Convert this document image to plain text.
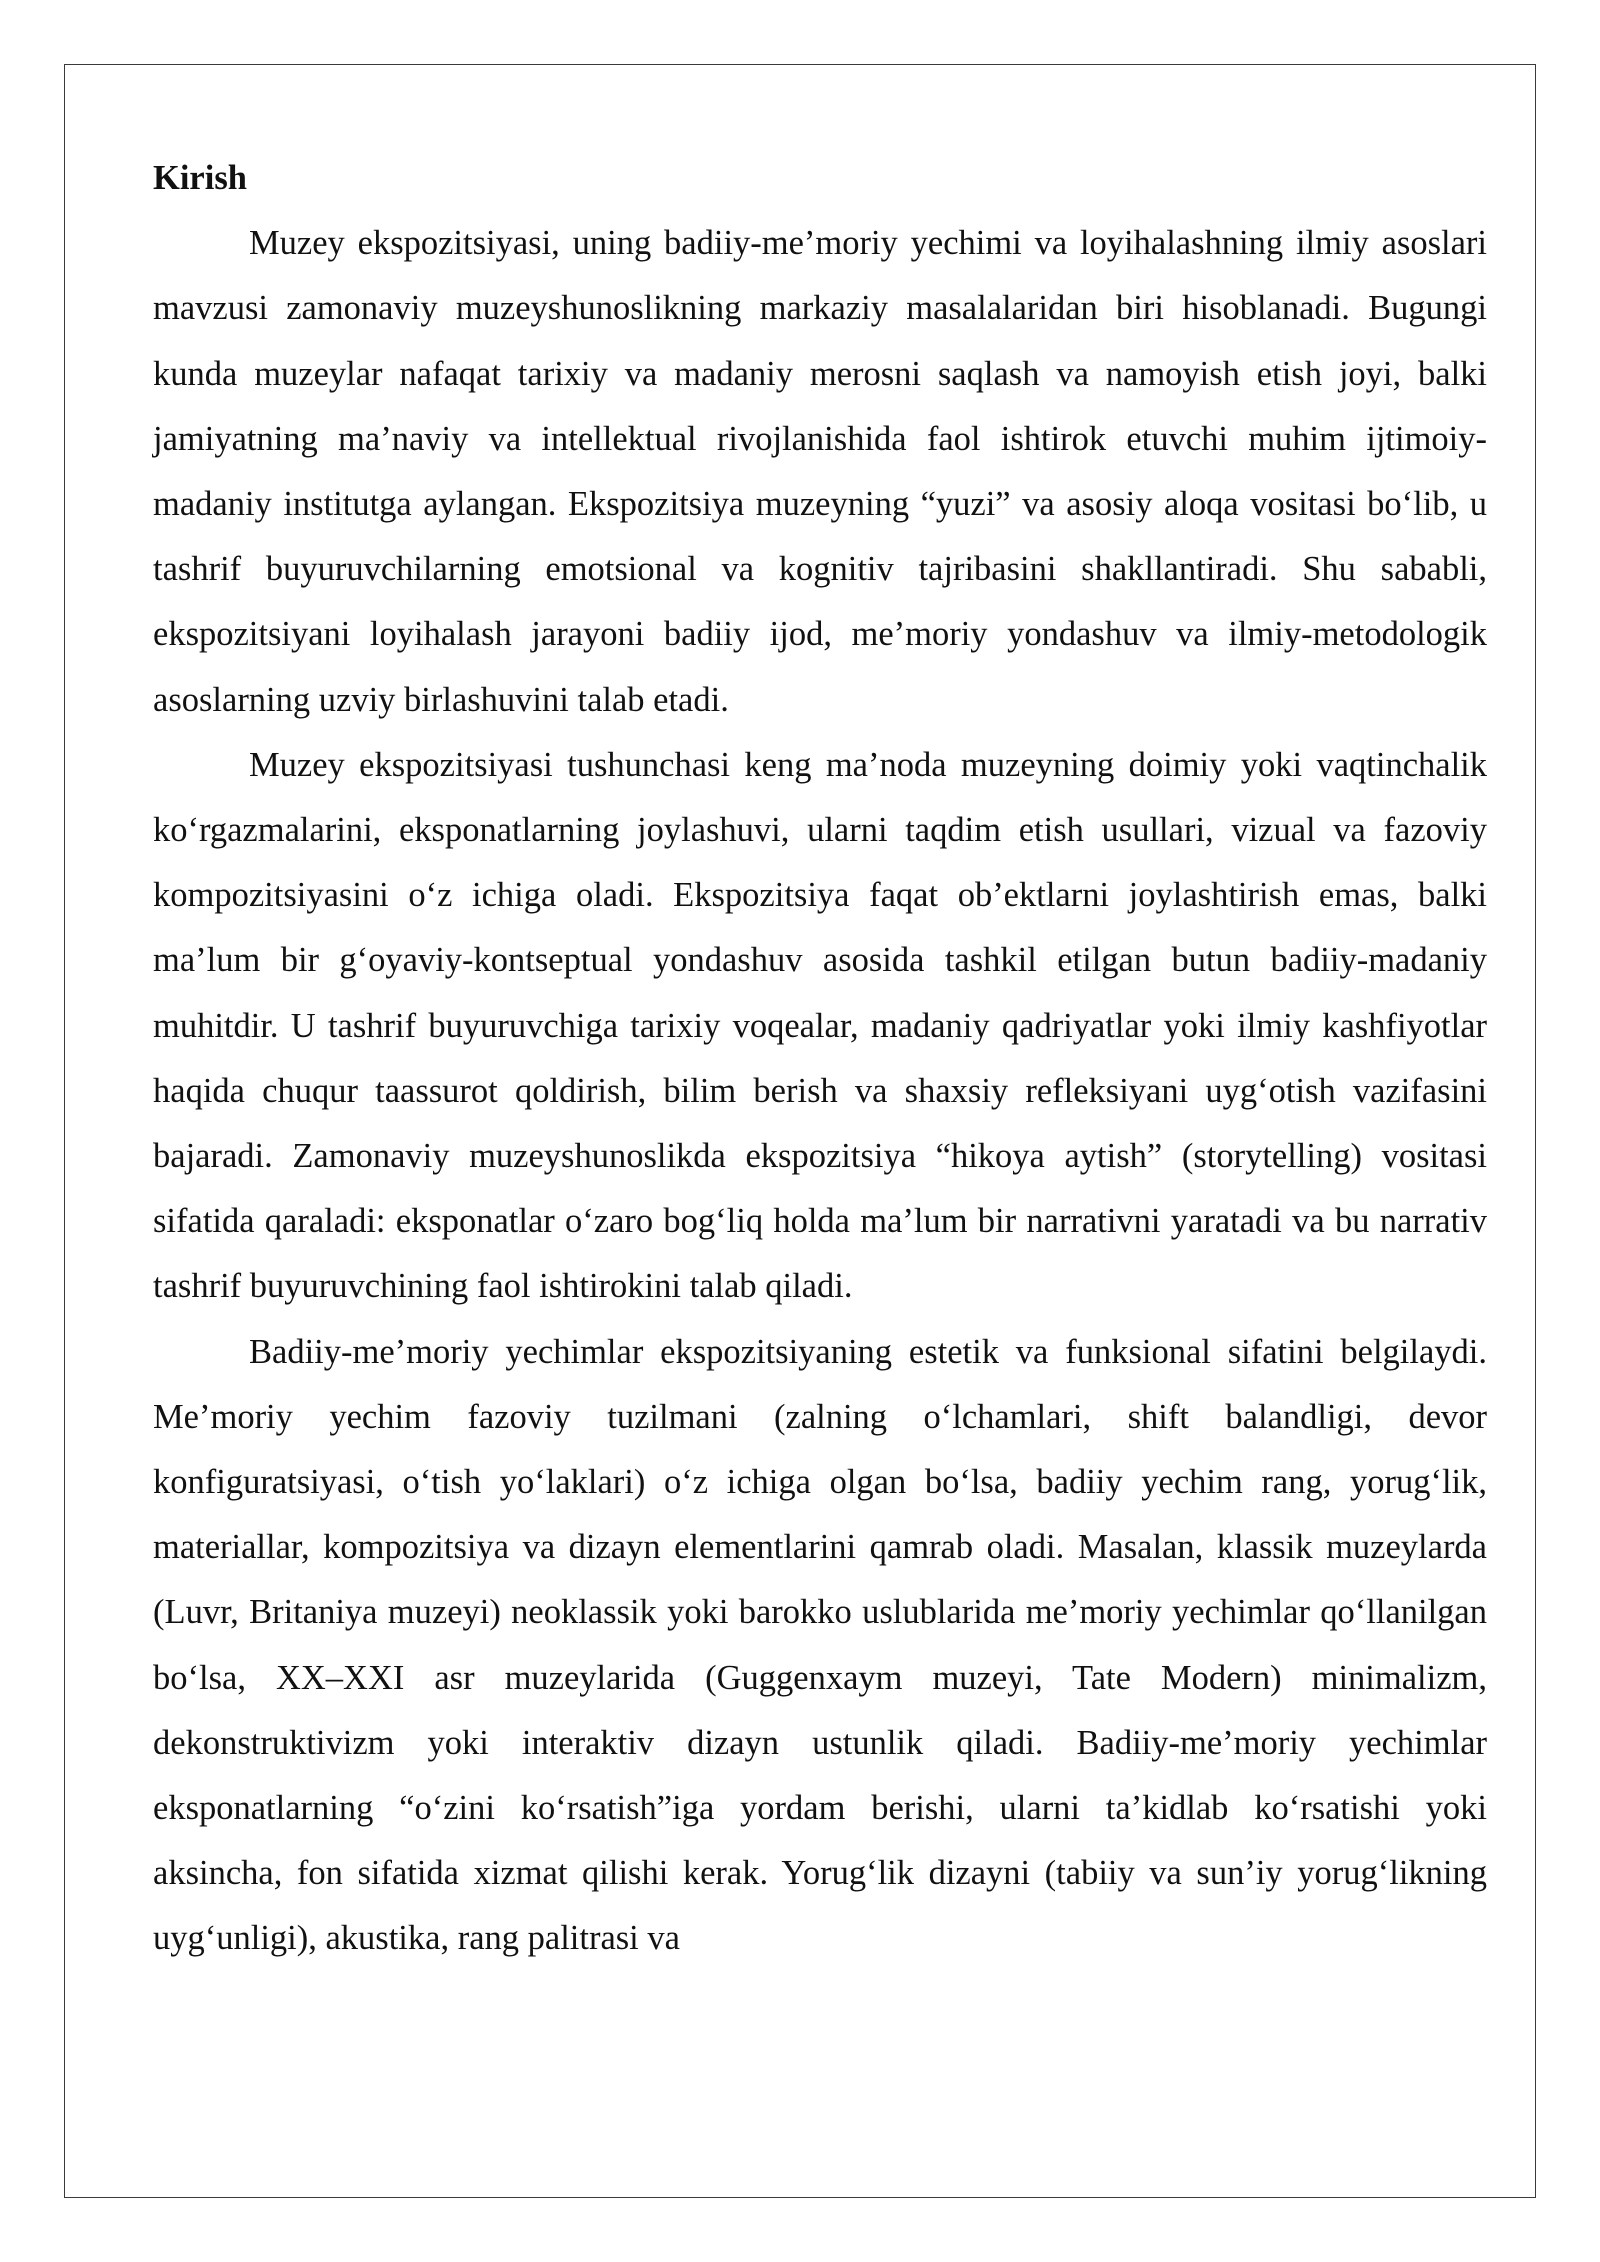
Kirish

Muzey ekspozitsiyasi, uning badiiy-me’moriy yechimi va loyihalashning ilmiy asoslari mavzusi zamonaviy muzeyshunoslikning markaziy masalalaridan biri hisoblanadi. Bugungi kunda muzeylar nafaqat tarixiy va madaniy merosni saqlash va namoyish etish joyi, balki jamiyatning ma’naviy va intellektual rivojlanishida faol ishtirok etuvchi muhim ijtimoiy-madaniy institutga aylangan. Ekspozitsiya muzeyning “yuzi” va asosiy aloqa vositasi bo‘lib, u tashrif buyuruvchilarning emotsional va kognitiv tajribasini shakllantiradi. Shu sababli, ekspozitsiyani loyihalash jarayoni badiiy ijod, me’moriy yondashuv va ilmiy-metodologik asoslarning uzviy birlashuvini talab etadi.

Muzey ekspozitsiyasi tushunchasi keng ma’noda muzeyning doimiy yoki vaqtinchalik ko‘rgazmalarini, eksponatlarning joylashuvi, ularni taqdim etish usullari, vizual va fazoviy kompozitsiyasini o‘z ichiga oladi. Ekspozitsiya faqat ob’ektlarni joylashtirish emas, balki ma’lum bir g‘oyaviy-kontseptual yondashuv asosida tashkil etilgan butun badiiy-madaniy muhitdir. U tashrif buyuruvchiga tarixiy voqealar, madaniy qadriyatlar yoki ilmiy kashfiyotlar haqida chuqur taassurot qoldirish, bilim berish va shaxsiy refleksiyani uyg‘otish vazifasini bajaradi. Zamonaviy muzeyshunoslikda ekspozitsiya “hikoya aytish” (storytelling) vositasi sifatida qaraladi: eksponatlar o‘zaro bog‘liq holda ma’lum bir narrativni yaratadi va bu narrativ tashrif buyuruvchining faol ishtirokini talab qiladi.

Badiiy-me’moriy yechimlar ekspozitsiyaning estetik va funksional sifatini belgilaydi. Me’moriy yechim fazoviy tuzilmani (zalning o‘lchamlari, shift balandligi, devor konfiguratsiyasi, o‘tish yo‘laklari) o‘z ichiga olgan bo‘lsa, badiiy yechim rang, yorug‘lik, materiallar, kompozitsiya va dizayn elementlarini qamrab oladi. Masalan, klassik muzeylarda (Luvr, Britaniya muzeyi) neoklassik yoki barokko uslublarida me’moriy yechimlar qo‘llanilgan bo‘lsa, XX–XXI asr muzeylarida (Guggenxaym muzeyi, Tate Modern) minimalizm, dekonstruktivizm yoki interaktiv dizayn ustunlik qiladi. Badiiy-me’moriy yechimlar eksponatlarning “o‘zini ko‘rsatish”iga yordam berishi, ularni ta’kidlab ko‘rsatishi yoki aksincha, fon sifatida xizmat qilishi kerak. Yorug‘lik dizayni (tabiiy va sun’iy yorug‘likning uyg‘unligi), akustika, rang palitrasi va
